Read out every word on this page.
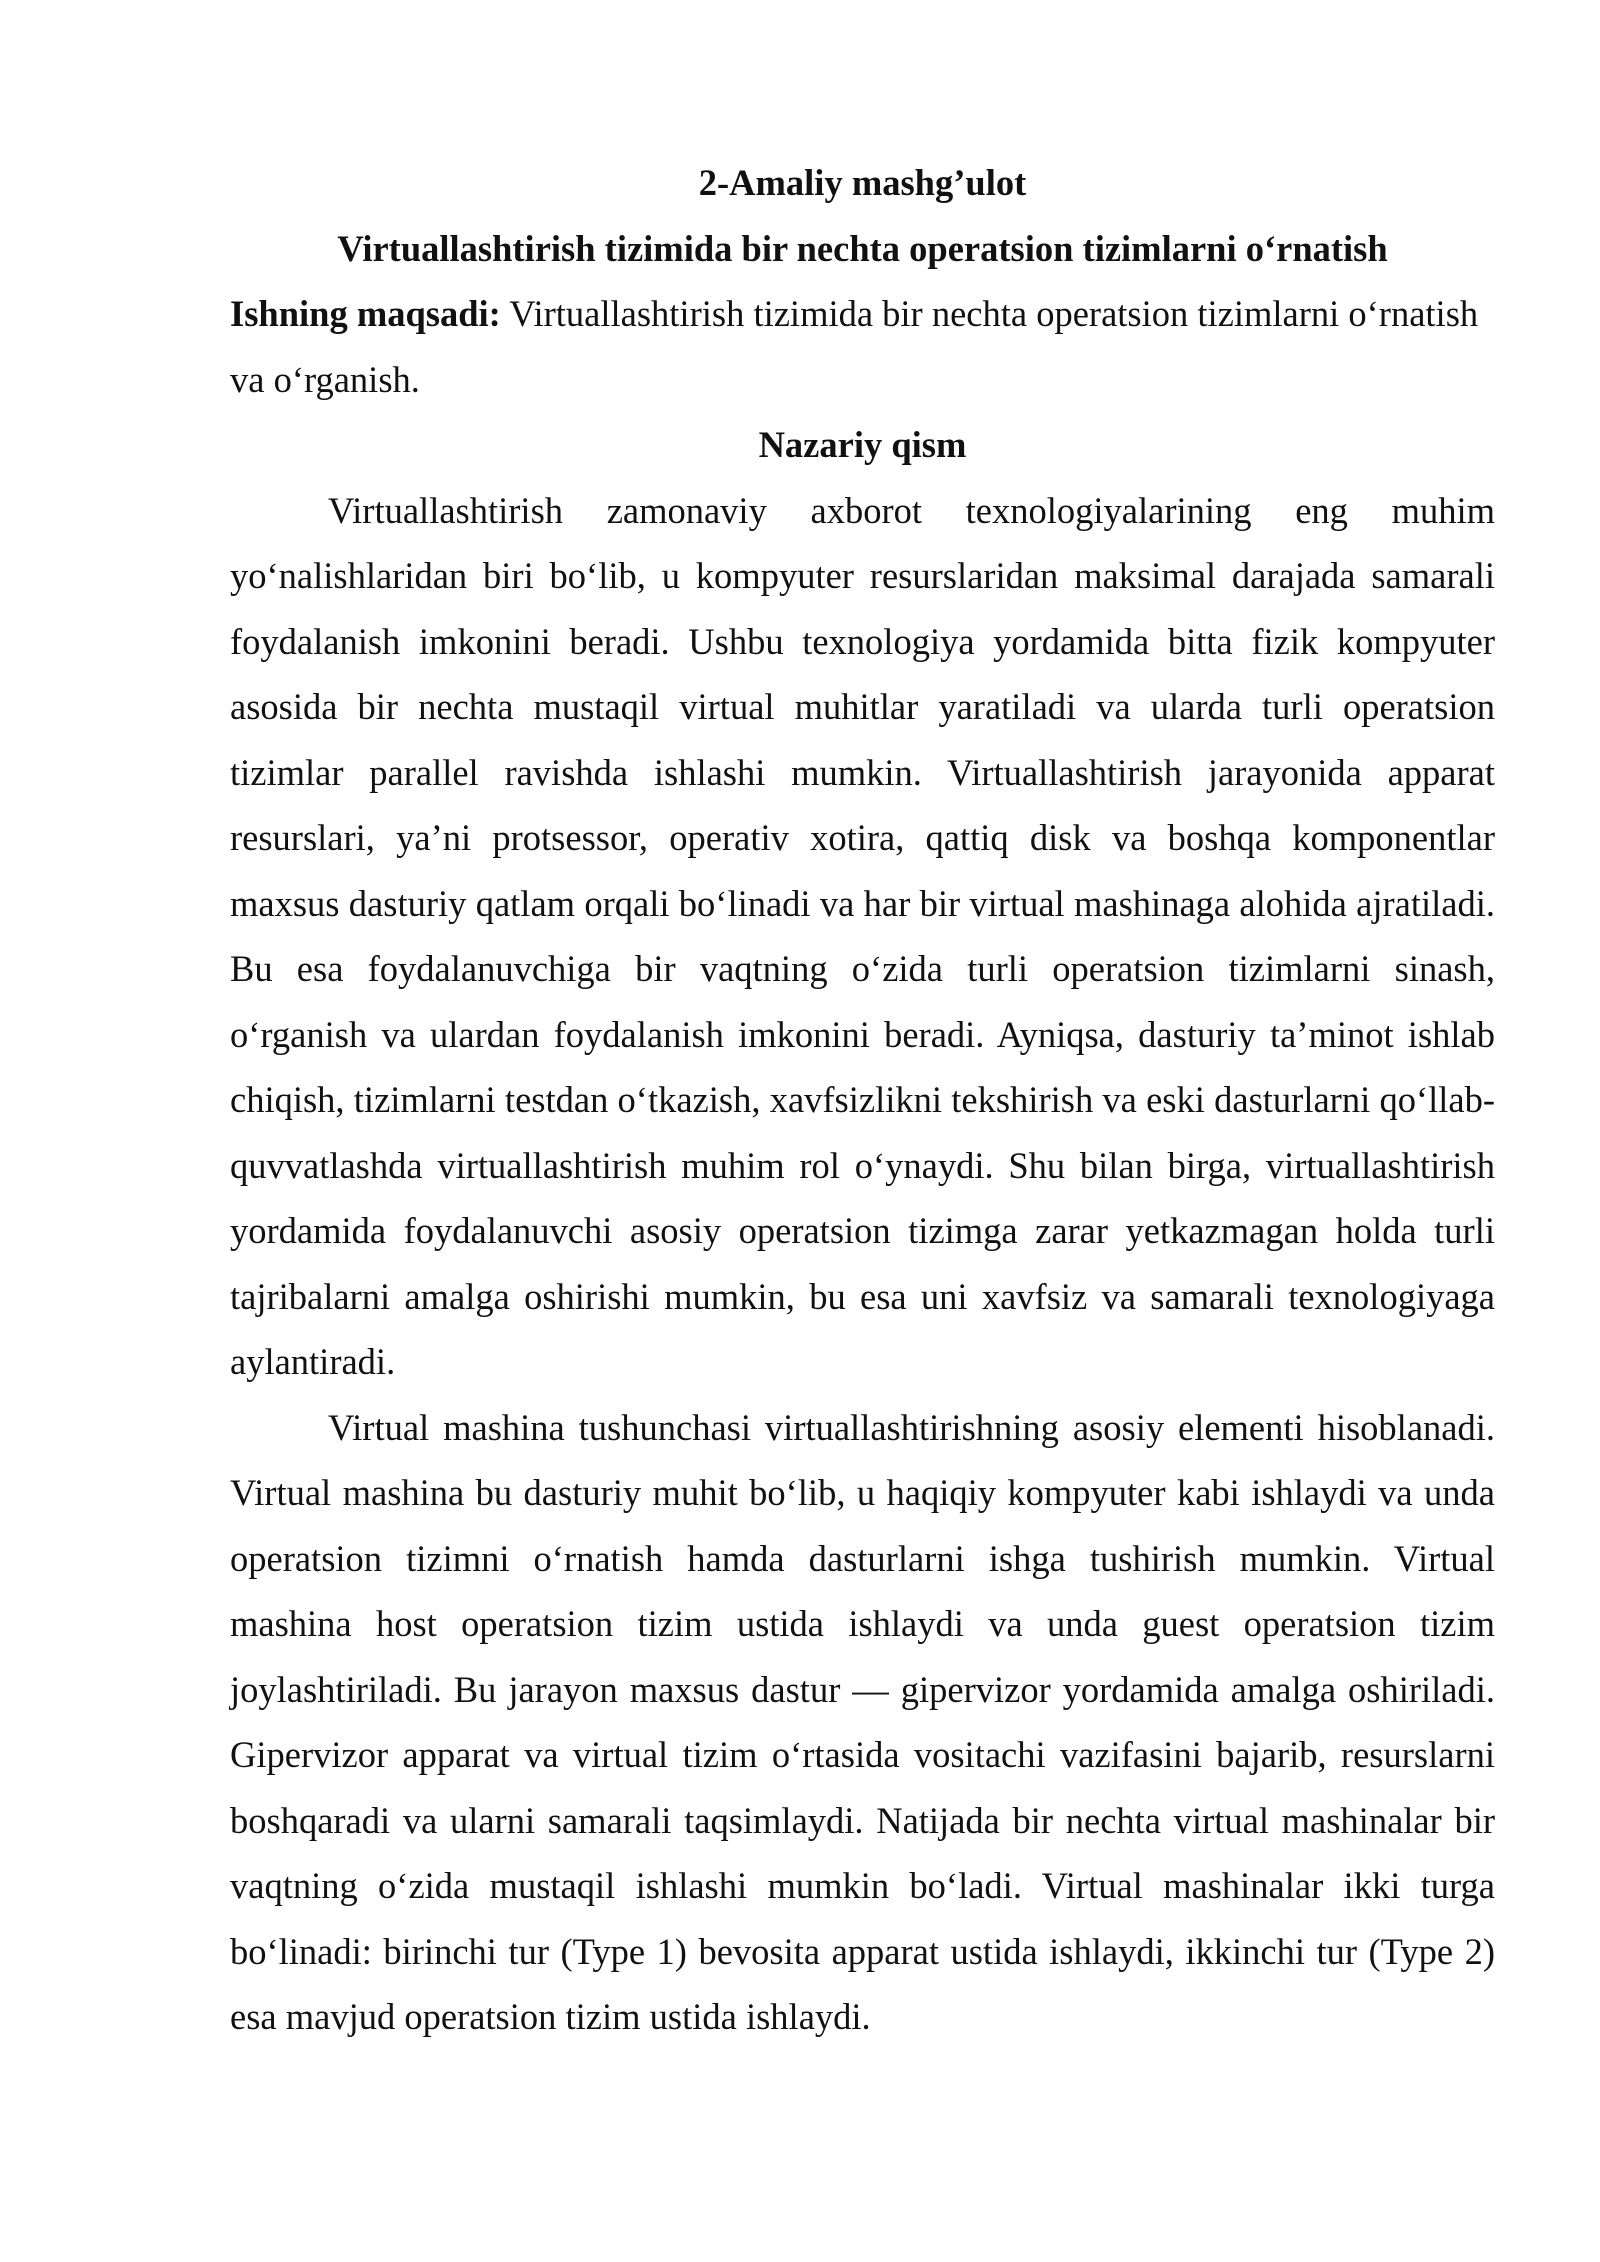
2-Amaliy mashg’ulot

Virtuallashtirish tizimida bir nechta operatsion tizimlarni o‘rnatish

Ishning maqsadi: Virtuallashtirish tizimida bir nechta operatsion tizimlarni o‘rnatish va o‘rganish.

Nazariy qism

Virtuallashtirish zamonaviy axborot texnologiyalarining eng muhim yo‘nalishlaridan biri bo‘lib, u kompyuter resurslaridan maksimal darajada samarali foydalanish imkonini beradi. Ushbu texnologiya yordamida bitta fizik kompyuter asosida bir nechta mustaqil virtual muhitlar yaratiladi va ularda turli operatsion tizimlar parallel ravishda ishlashi mumkin. Virtuallashtirish jarayonida apparat resurslari, ya’ni protsessor, operativ xotira, qattiq disk va boshqa komponentlar maxsus dasturiy qatlam orqali bo‘linadi va har bir virtual mashinaga alohida ajratiladi. Bu esa foydalanuvchiga bir vaqtning o‘zida turli operatsion tizimlarni sinash, o‘rganish va ulardan foydalanish imkonini beradi. Ayniqsa, dasturiy ta’minot ishlab chiqish, tizimlarni testdan o‘tkazish, xavfsizlikni tekshirish va eski dasturlarni qo‘llab-quvvatlashda virtuallashtirish muhim rol o‘ynaydi. Shu bilan birga, virtuallashtirish yordamida foydalanuvchi asosiy operatsion tizimga zarar yetkazmagan holda turli tajribalarni amalga oshirishi mumkin, bu esa uni xavfsiz va samarali texnologiyaga aylantiradi.

Virtual mashina tushunchasi virtuallashtirishning asosiy elementi hisoblanadi. Virtual mashina bu dasturiy muhit bo‘lib, u haqiqiy kompyuter kabi ishlaydi va unda operatsion tizimni o‘rnatish hamda dasturlarni ishga tushirish mumkin. Virtual mashina host operatsion tizim ustida ishlaydi va unda guest operatsion tizim joylashtiriladi. Bu jarayon maxsus dastur — gipervizor yordamida amalga oshiriladi. Gipervizor apparat va virtual tizim o‘rtasida vositachi vazifasini bajarib, resurslarni boshqaradi va ularni samarali taqsimlaydi. Natijada bir nechta virtual mashinalar bir vaqtning o‘zida mustaqil ishlashi mumkin bo‘ladi. Virtual mashinalar ikki turga bo‘linadi: birinchi tur (Type 1) bevosita apparat ustida ishlaydi, ikkinchi tur (Type 2) esa mavjud operatsion tizim ustida ishlaydi.
